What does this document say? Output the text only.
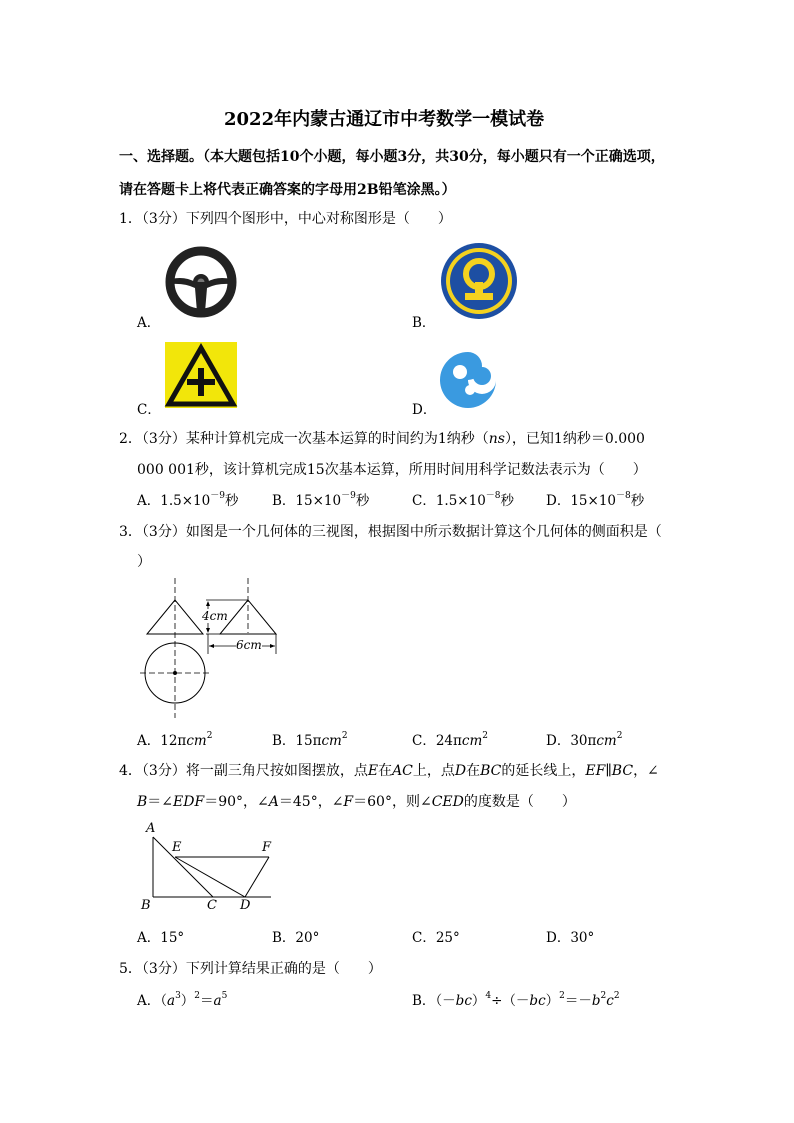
2022年内蒙古通辽市中考数学一模试卷
一、选择题。（本大题包括10个小题，每小题3分，共30分，每小题只有一个正确选项，
请在答题卡上将代表正确答案的字母用2B铅笔涂黑。）
1．（3分）下列四个图形中，中心对称图形是（　　）
A．	B．
C．	D．
2．（3分）某种计算机完成一次基本运算的时间约为1纳秒（ns），已知1纳秒＝0.000
000 001秒，该计算机完成15次基本运算，所用时间用科学记数法表示为（　　）
A．$1.5\times 10^{-9}$秒 B．$15\times 10^{-9}$秒	C．$1.5\times 10^{-8}$秒 D．$15\times 10^{-8}$秒
3．（3分）如图是一个几何体的三视图，根据图中所示数据计算这个几何体的侧面积是（
）
4cm
6cm
A．12πcm$^2$	B．15πcm$^2$	C．24πcm$^2$	D．30πcm$^2$
4．（3分）将一副三角尺按如图摆放，点E在AC上，点D在BC的延长线上，EF∥BC，∠
B＝∠EDF＝90°，∠A＝45°，∠F＝60°，则∠CED的度数是（　　）
A
E	F
B	C D
A．15°	B．20°	C．25°	D．30°
5．（3分）下列计算结果正确的是（　　）
A．$(a^3)^2=a^5$	B．$(-bc)^4\div(-bc)^2=-b^2c^2$
